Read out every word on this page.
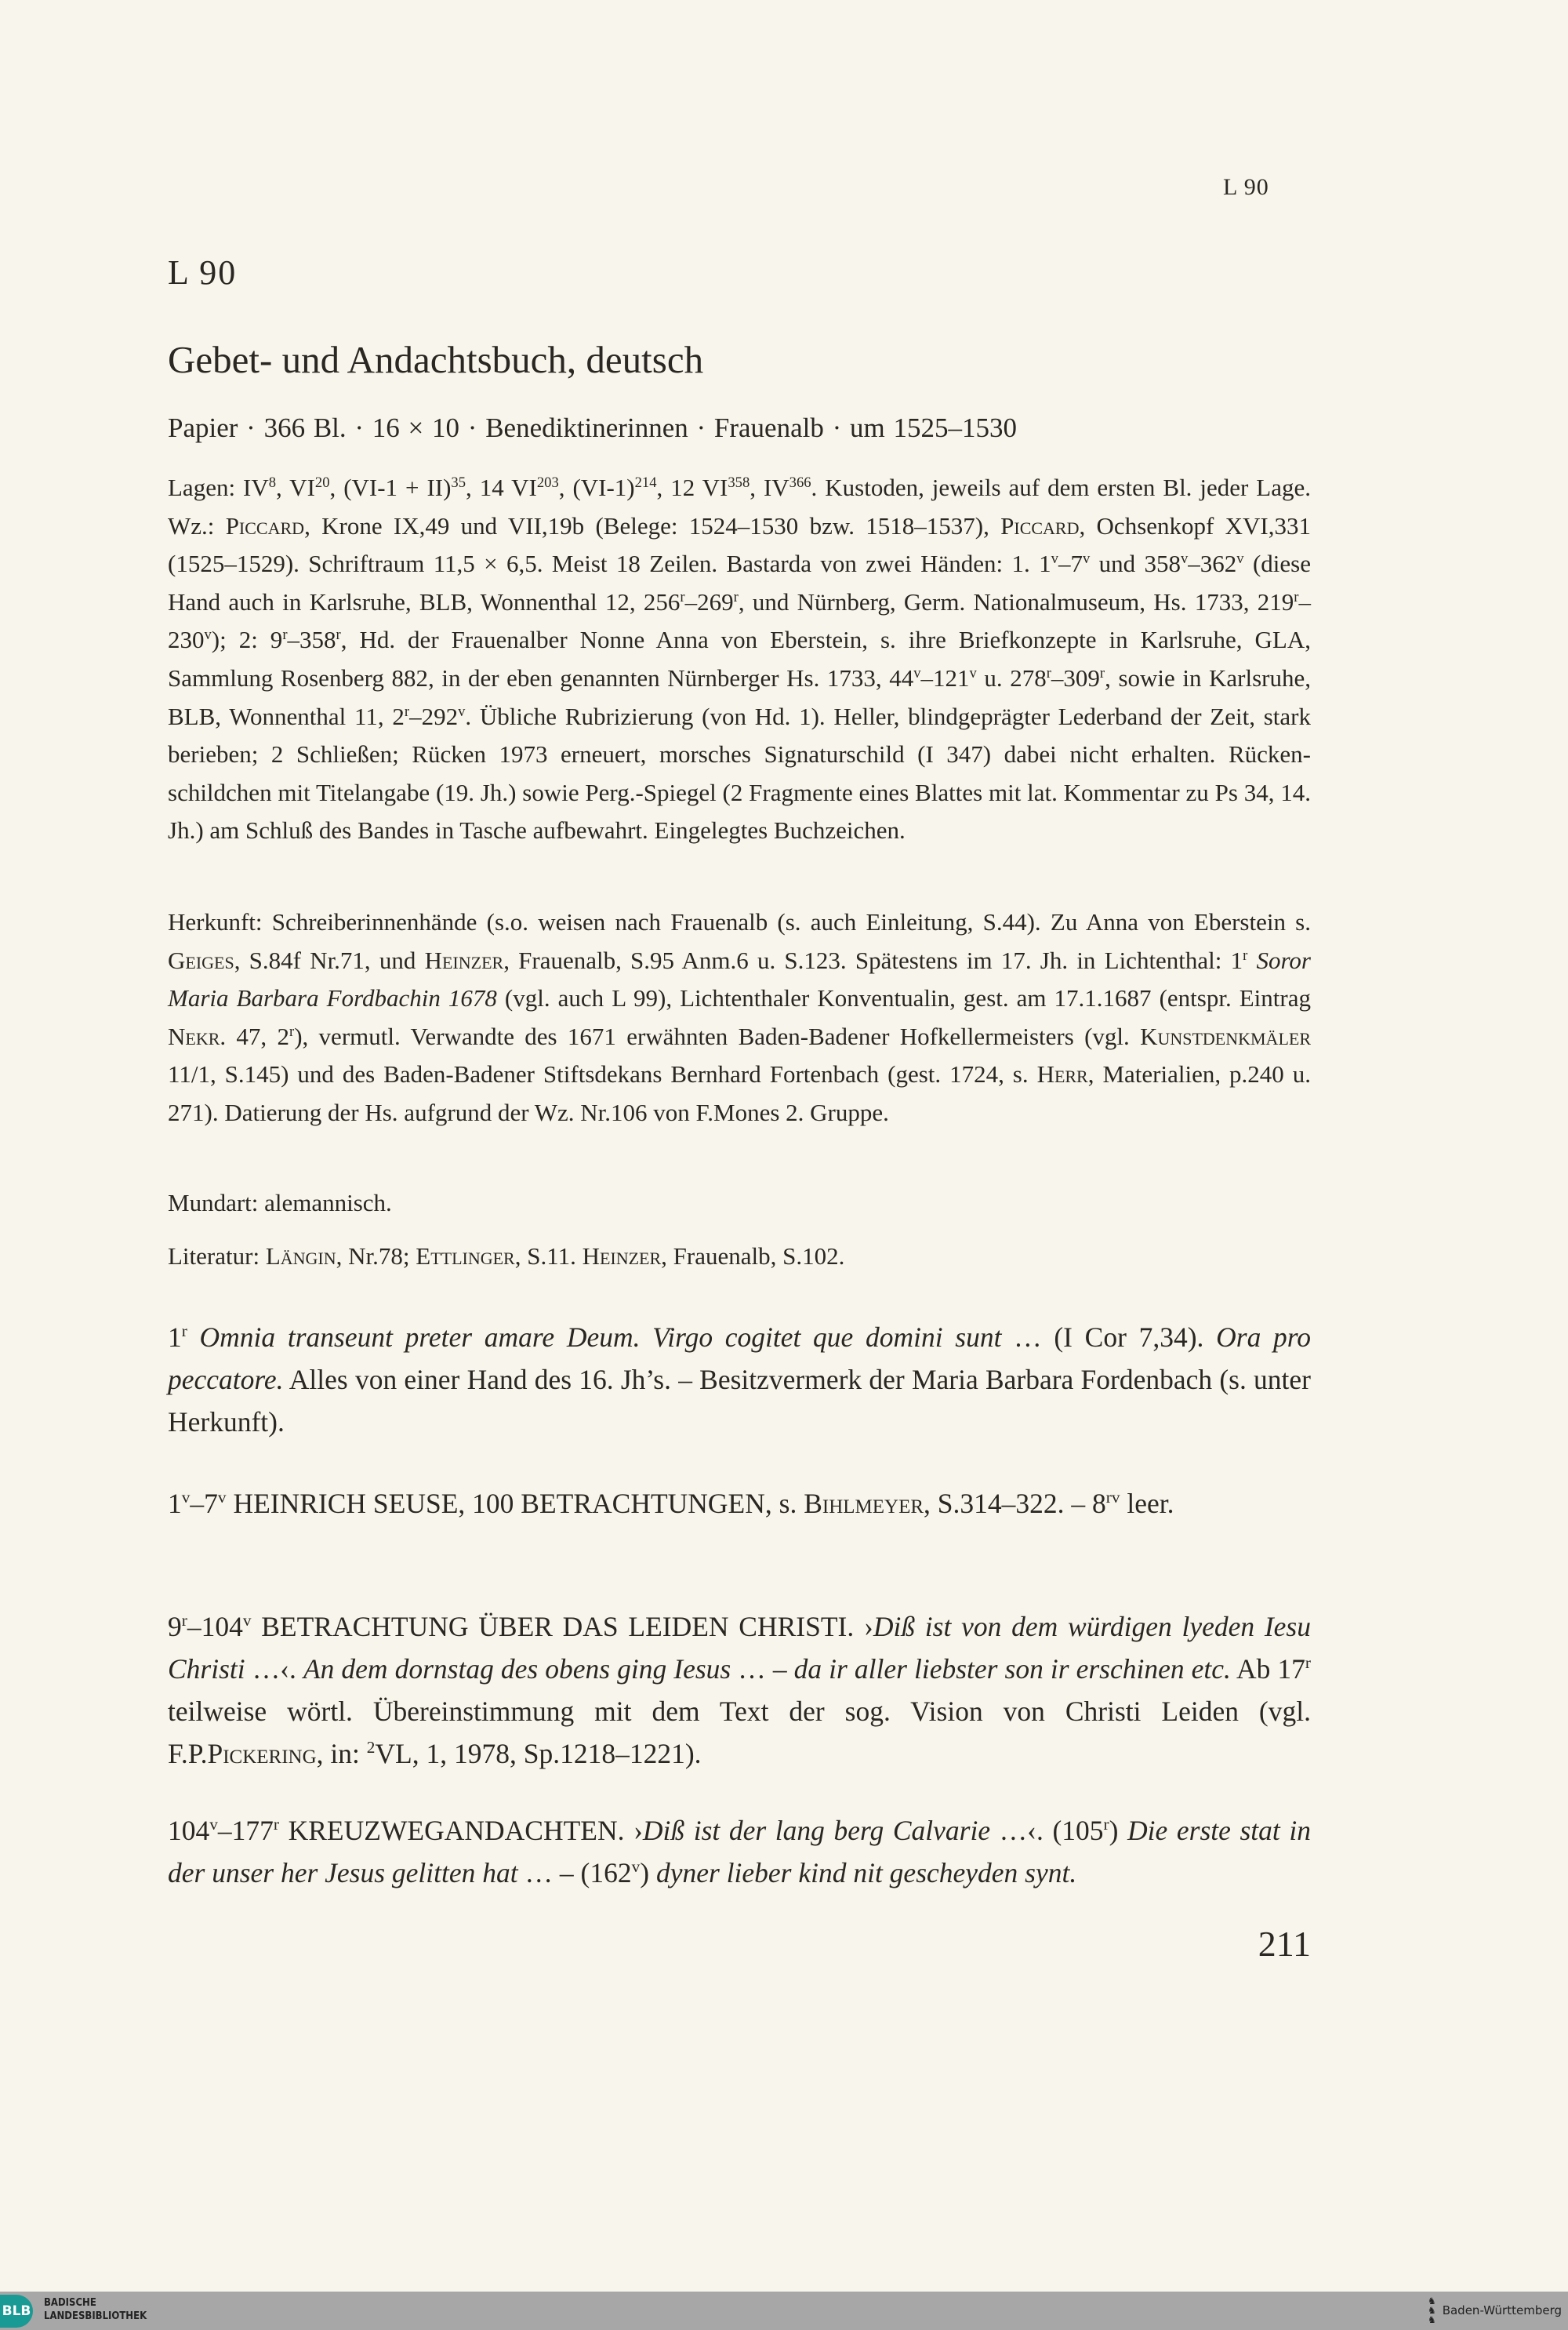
L 90
L 90
Gebet- und Andachtsbuch, deutsch
Papier · 366 Bl. · 16 × 10 · Benediktinerinnen · Frauenalb · um 1525–1530
Lagen: $IV^8$, VI$^{20}$, (VI-1 + II)$^{35}$, 14 VI$^{203}$, $(VI-1)^{214}$, 12 VI$^{358}$, IV$^{366}$. Kustoden, jeweils auf dem ersten Bl. jeder Lage. Wz.: Piccard, Krone IX,49 und VII,19b (Belege: 1524–1530 bzw. 1518–1537), Piccard, Ochsenkopf XVI,331 (1525–1529). Schriftraum 11,5 × 6,5. Meist 18 Zeilen. Bastarda von zwei Händen: 1. 1$^v$–7$^v$ und 358$^v$–362$^v$ (diese Hand auch in Karlsruhe, BLB, Wonnenthal 12, 256$^r$–269$^r$, und Nürnberg, Germ. Nationalmuseum, Hs. 1733, 219$^r$–230$^v$); 2: 9$^r$–358$^r$, Hd. der Frauenalber Nonne Anna von Eberstein, s. ihre Briefkonzepte in Karlsruhe, GLA, Sammlung Rosenberg 882, in der eben genannten Nürnberger Hs. 1733, 44$^v$–121$^v$ u. 278$^r$–309$^r$, sowie in Karlsruhe, BLB, Wonnenthal 11, 2$^r$–292$^v$. Übliche Rubrizierung (von Hd. 1). Heller, blindgeprägter Lederband der Zeit, stark berieben; 2 Schließen; Rücken 1973 erneuert, morsches Signaturschild (I 347) dabei nicht erhalten. Rückenschildchen mit Titelangabe (19. Jh.) sowie Perg.-Spiegel (2 Fragmente eines Blattes mit lat. Kommentar zu Ps 34, 14. Jh.) am Schluß des Bandes in Tasche aufbewahrt. Eingelegtes Buchzeichen.
Herkunft: Schreiberinnenhände (s.o. weisen nach Frauenalb (s. auch Einleitung, S.44). Zu Anna von Eberstein s. Geiges, S.84f Nr.71, und Heinzer, Frauenalb, S.95 Anm.6 u. S.123. Spätestens im 17. Jh. in Lichtenthal: 1$^r$ Soror Maria Barbara Fordbachin 1678 (vgl. auch L 99), Lichtenthaler Konventualin, gest. am 17.1.1687 (entspr. Eintrag Nekr. 47, 2$^r$), vermutl. Verwandte des 1671 erwähnten Baden-Badener Hofkellermeisters (vgl. Kunstdenkmäler 11/1, S.145) und des Baden-Badener Stiftsdekans Bernhard Fortenbach (gest. 1724, s. Herr, Materialien, p.240 u. 271). Datierung der Hs. aufgrund der Wz. Nr.106 von F.Mones 2. Gruppe.
Mundart: alemannisch.
Literatur: Längin, Nr.78; Ettlinger, S.11. Heinzer, Frauenalb, S.102.
1$^r$ Omnia transeunt preter amare Deum. Virgo cogitet que domini sunt … (I Cor 7,34). Ora pro peccatore. Alles von einer Hand des 16. Jh’s. – Besitzvermerk der Maria Barbara Fordenbach (s. unter Herkunft).
1$^v$–7$^v$ HEINRICH SEUSE, 100 BETRACHTUNGEN, s. Bihlmeyer, S.314–322. – $8^{rv}$ leer.
9$^r$–104$^v$ BETRACHTUNG ÜBER DAS LEIDEN CHRISTI. ›Diß ist von dem würdigen lyeden Iesu Christi …‹. An dem dornstag des obens ging Iesus … – da ir aller liebster son ir erschinen etc. Ab 17$^r$ teilweise wörtl. Übereinstimmung mit dem Text der sog. Vision von Christi Leiden (vgl. F.P.Pickering, in: $^2$VL, 1, 1978, Sp.1218–1221).
104$^v$–177$^r$ KREUZWEGANDACHTEN. ›Diß ist der lang berg Calvarie …‹. (105$^r$) Die erste stat in der unser her Jesus gelitten hat … – (162$^v$) dyner lieber kind nit gescheyden synt.
211
BLB
BADISCHE
LANDESBIBLIOTHEK
♞
♞
♞
Baden-Württemberg
